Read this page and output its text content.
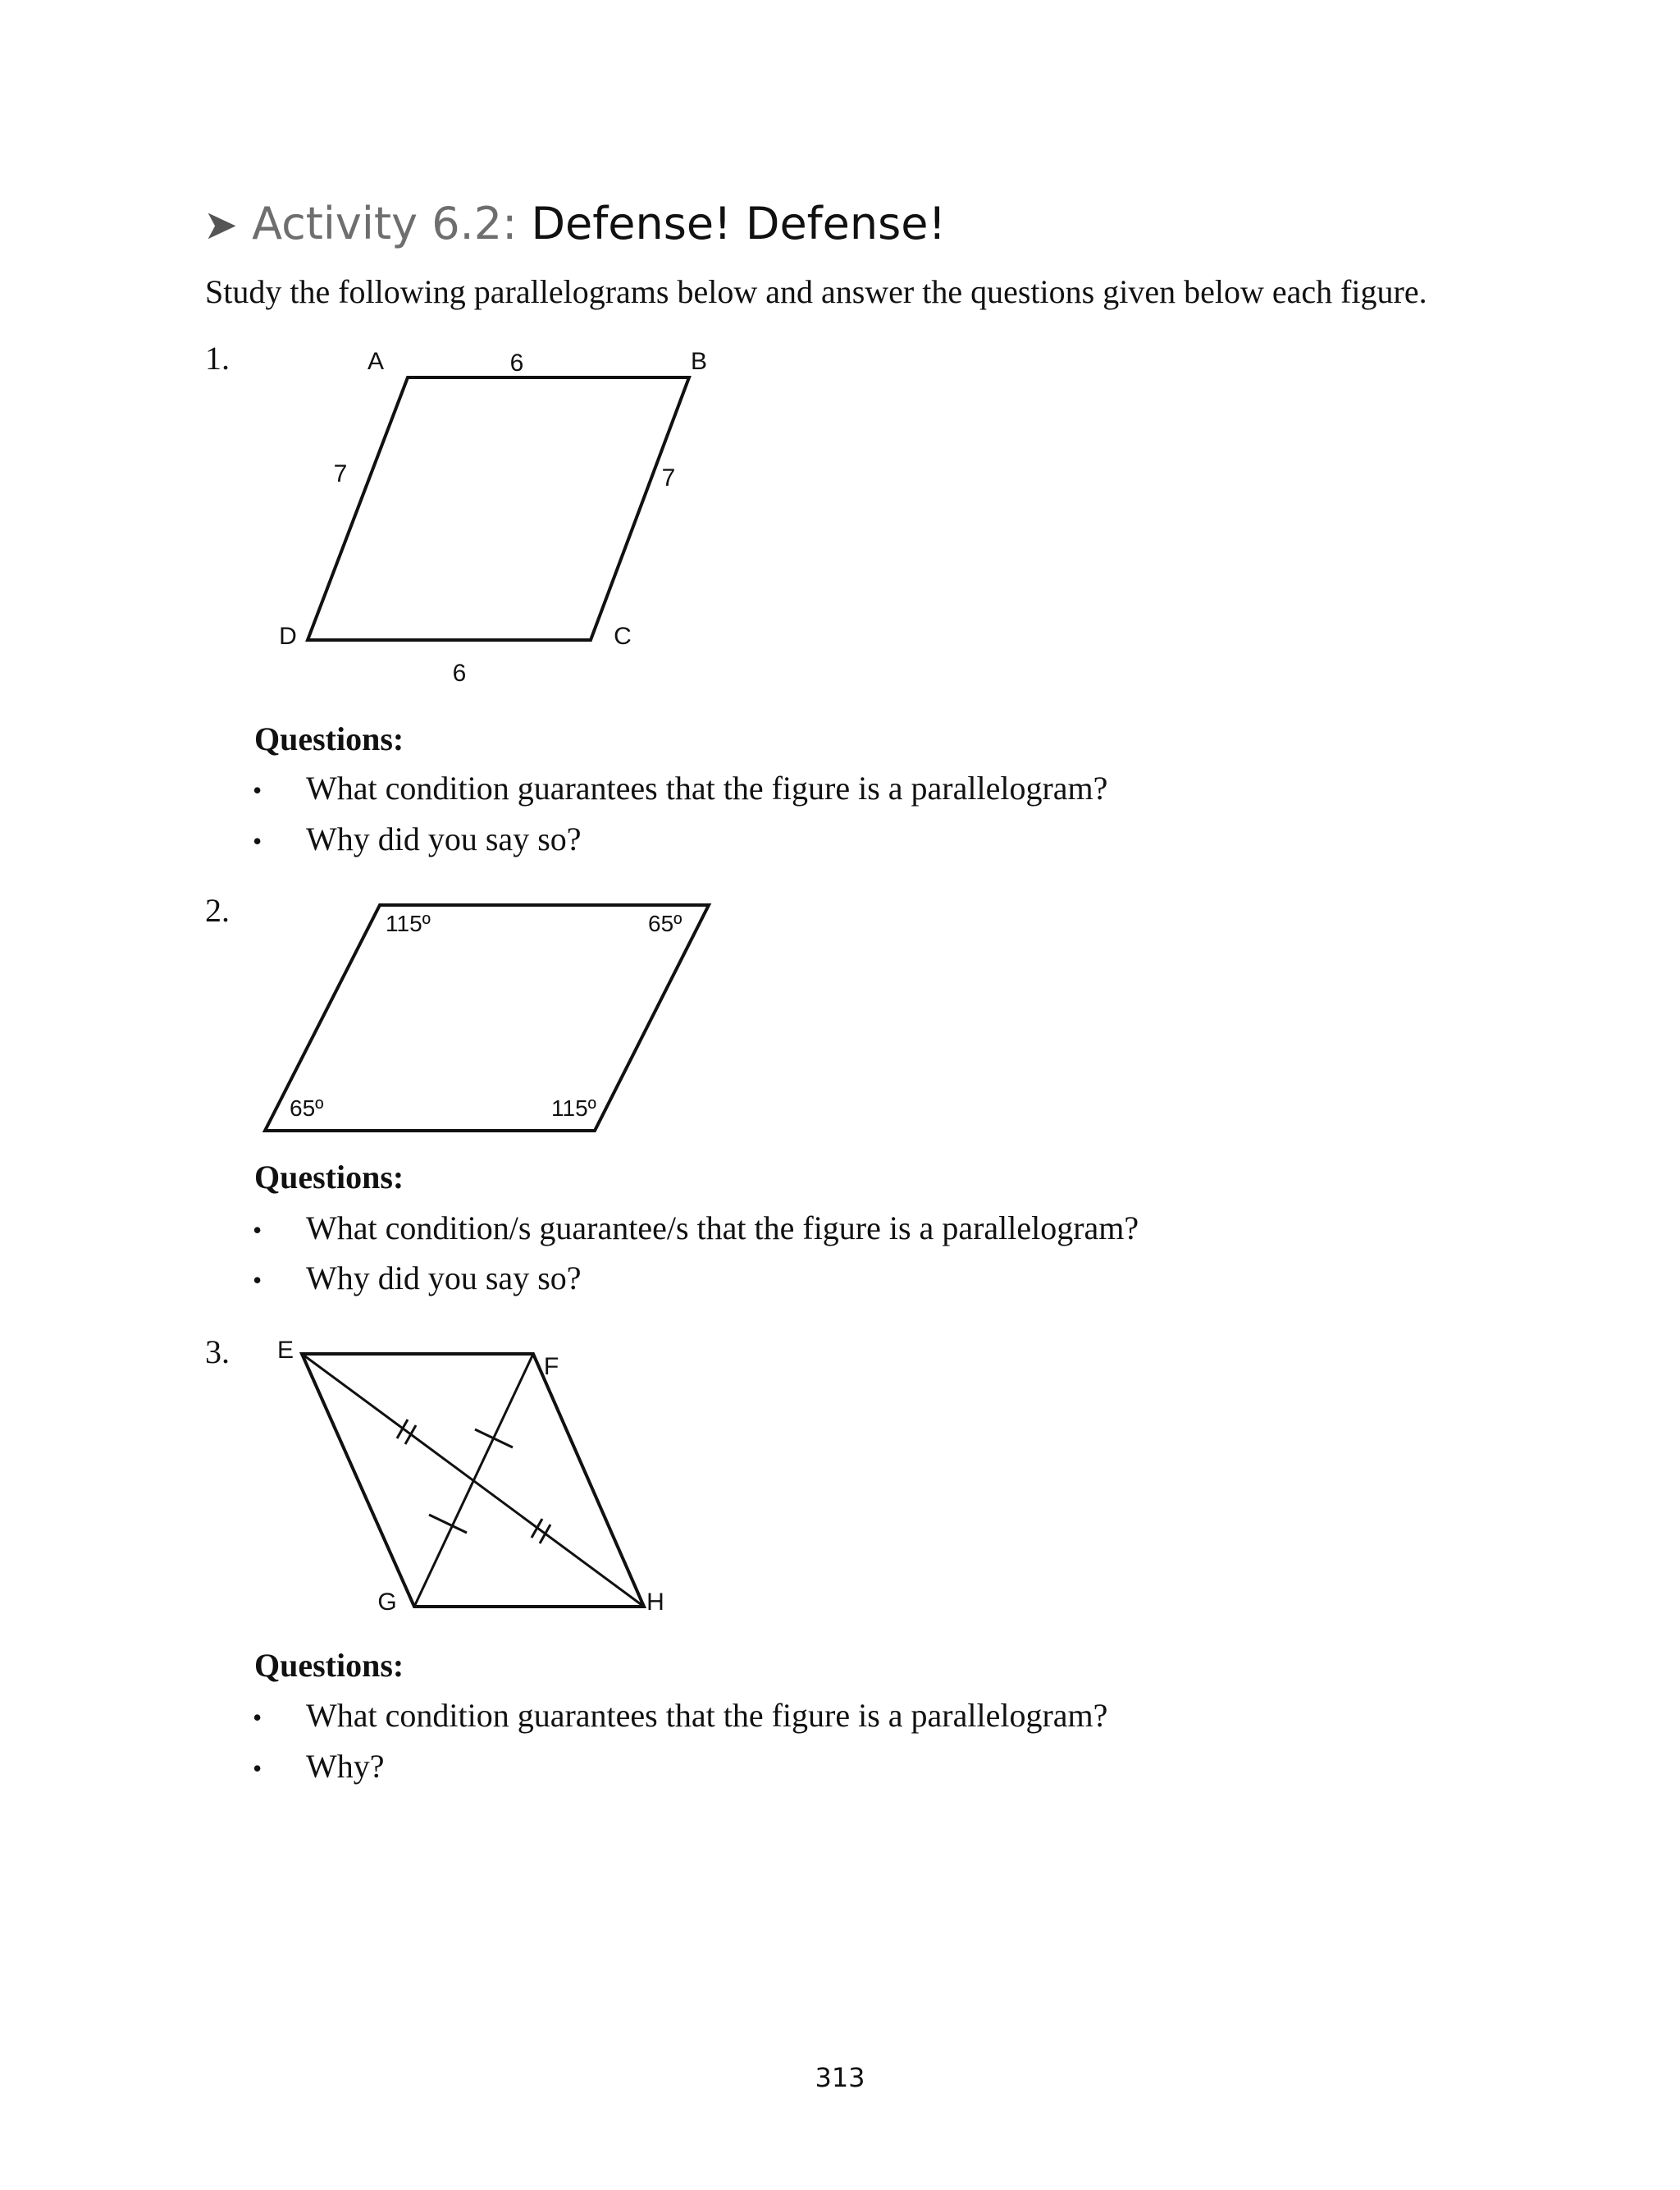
➤ Activity 6.2: Defense! Defense!
Study the following parallelograms below and answer the questions given below each figure.
1.	A	B
C
D
6
7
6
7
Questions:
• What condition guarantees that the figure is a parallelogram?
• Why did you say so?
2.	115º	65º
65º	115º
Questions:
• What condition/s guarantee/s that the figure is a parallelogram?
• Why did you say so?
3. E
F
G	H
Questions:
• What condition guarantees that the figure is a parallelogram?
• Why?
313
